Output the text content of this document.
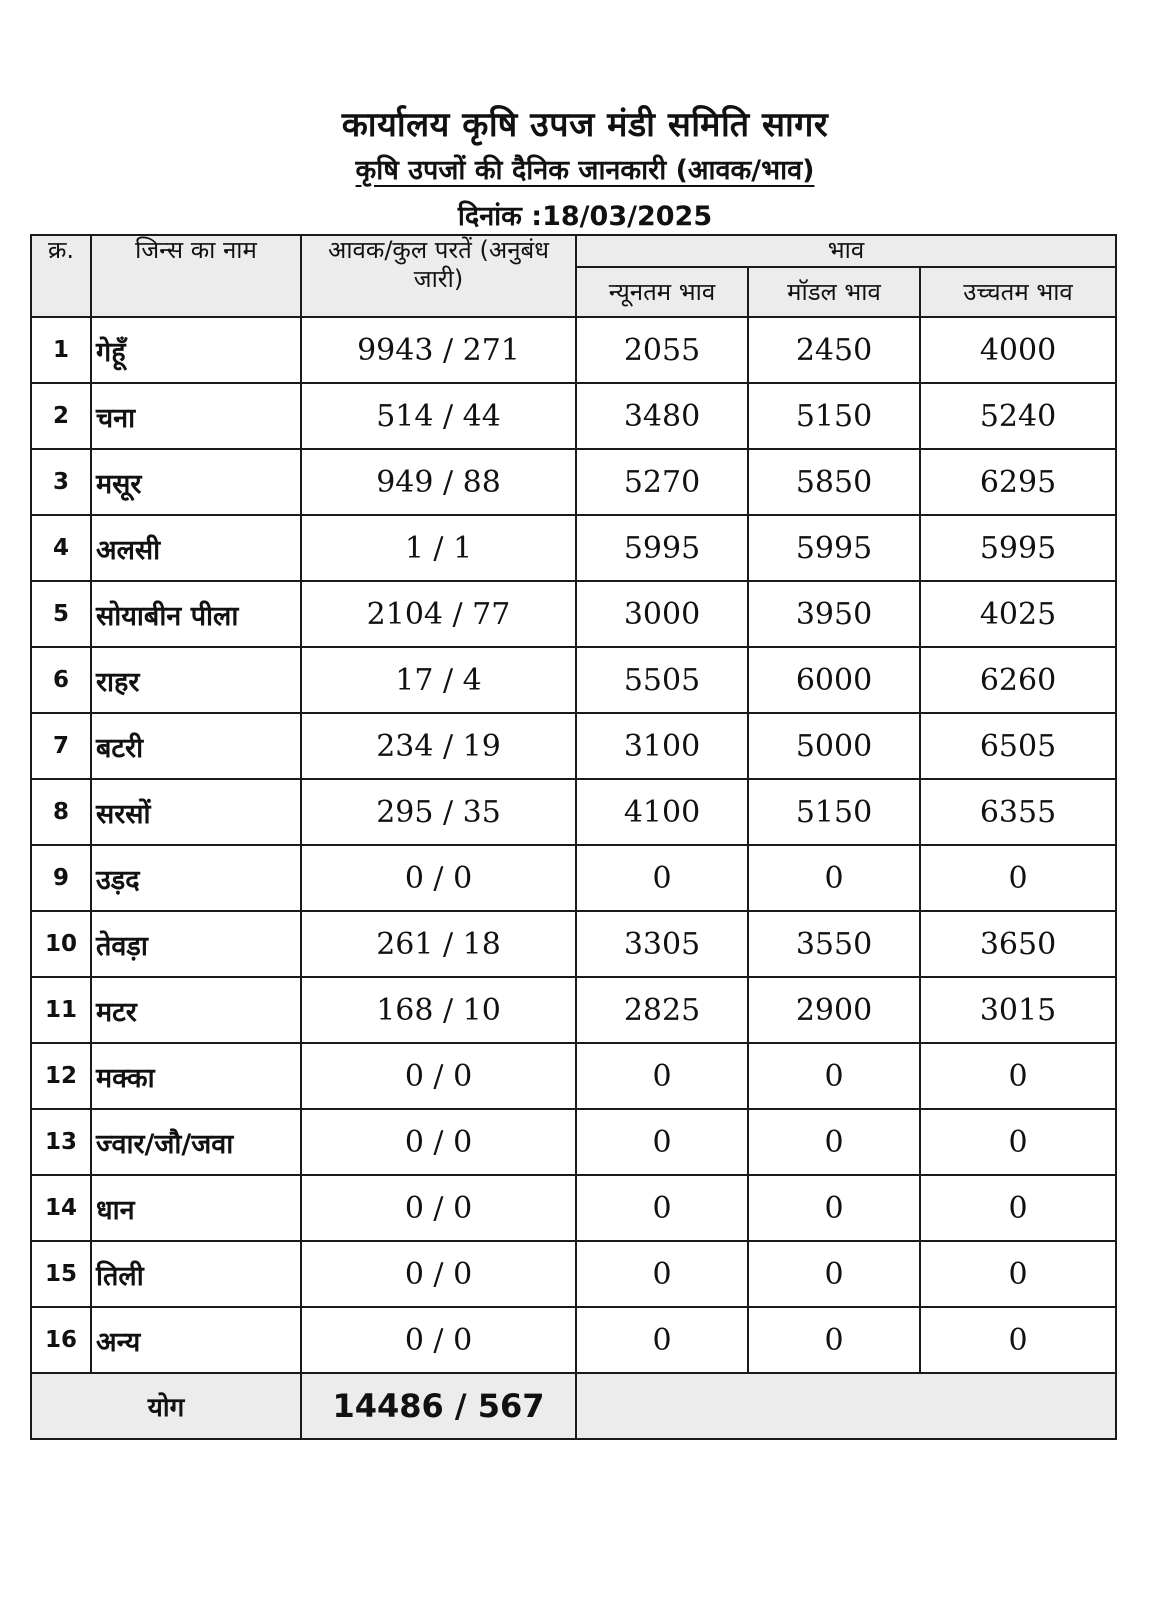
कार्यालय कृषि उपज मंडी समिति सागर
कृषि उपजों की दैनिक जानकारी (आवक/भाव)
दिनांक :18/03/2025
क्र.	जिन्स का नाम	आवक/कुल परतें (अनुबंध जारी)	भाव		
			न्यूनतम भाव	मॉडल भाव	उच्चतम भाव
1	गेहूँ	9943 / 271	2055	2450	4000
2	चना	514 / 44	3480	5150	5240
3	मसूर	949 / 88	5270	5850	6295
4	अलसी	1 / 1	5995	5995	5995
5	सोयाबीन पीला	2104 / 77	3000	3950	4025
6	राहर	17 / 4	5505	6000	6260
7	बटरी	234 / 19	3100	5000	6505
8	सरसों	295 / 35	4100	5150	6355
9	उड़द	0 / 0	0	0	0
10	तेवड़ा	261 / 18	3305	3550	3650
11	मटर	168 / 10	2825	2900	3015
12	मक्का	0 / 0	0	0	0
13	ज्वार/जौ/जवा	0 / 0	0	0	0
14	धान	0 / 0	0	0	0
15	तिली	0 / 0	0	0	0
16	अन्य	0 / 0	0	0	0
योग		14486 / 567			
